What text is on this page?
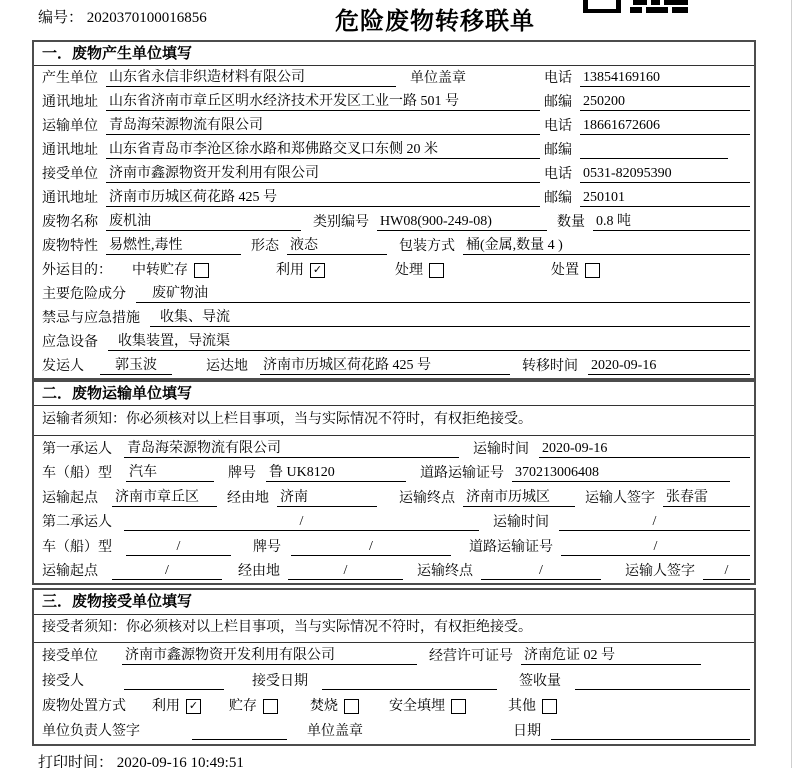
编号： 2020370100016856	危险废物转移联单
一．废物产生单位填写
产生单位 山东省永信非织造材料有限公司	单位盖章	电话 13854169160
通讯地址 山东省济南市章丘区明水经济技术开发区工业一路 501 号	邮编 250200
运输单位 青岛海荣源物流有限公司	电话 18661672606
通讯地址 山东省青岛市李沧区徐水路和郑佛路交叉口东侧 20 米	邮编
接受单位 济南市鑫源物资开发利用有限公司	电话 0531-82095390
通讯地址 济南市历城区荷花路 425 号	邮编 250101
废物名称 废机油	类别编号 HW08(900-249-08)	数量 0.8 吨
废物特性 易燃性,毒性	形态 液态	包装方式 桶(金属,数量 4 )
外运目的： 中转贮存	利用 ✓	处理	处置
主要危险成分	废矿物油
禁忌与应急措施	收集、导流
应急设备	收集装置，导流渠
发运人	郭玉波	运达地 济南市历城区荷花路 425 号	转移时间 2020-09-16
二．废物运输单位填写
运输者须知：你必须核对以上栏目事项，当与实际情况不符时，有权拒绝接受。
第一承运人 青岛海荣源物流有限公司	运输时间 2020-09-16
车（船）型 汽车	牌号 鲁 UK8120	道路运输证号 370213006408
运输起点 济南市章丘区	经由地 济南	运输终点 济南市历城区	运输人签字 张春雷
第二承运人	/	运输时间	/
车（船）型	/	牌号	/	道路运输证号	/
运输起点	/	经由地	/	运输终点	/	运输人签字	/
三．废物接受单位填写
接受者须知：你必须核对以上栏目事项，当与实际情况不符时，有权拒绝接受。
接受单位 济南市鑫源物资开发利用有限公司	经营许可证号 济南危证 02 号
接受人	接受日期	签收量
废物处置方式 利用 ✓ 贮存	焚烧	安全填埋	其他
单位负责人签字	单位盖章	日期
打印时间： 2020-09-16 10:49:51
